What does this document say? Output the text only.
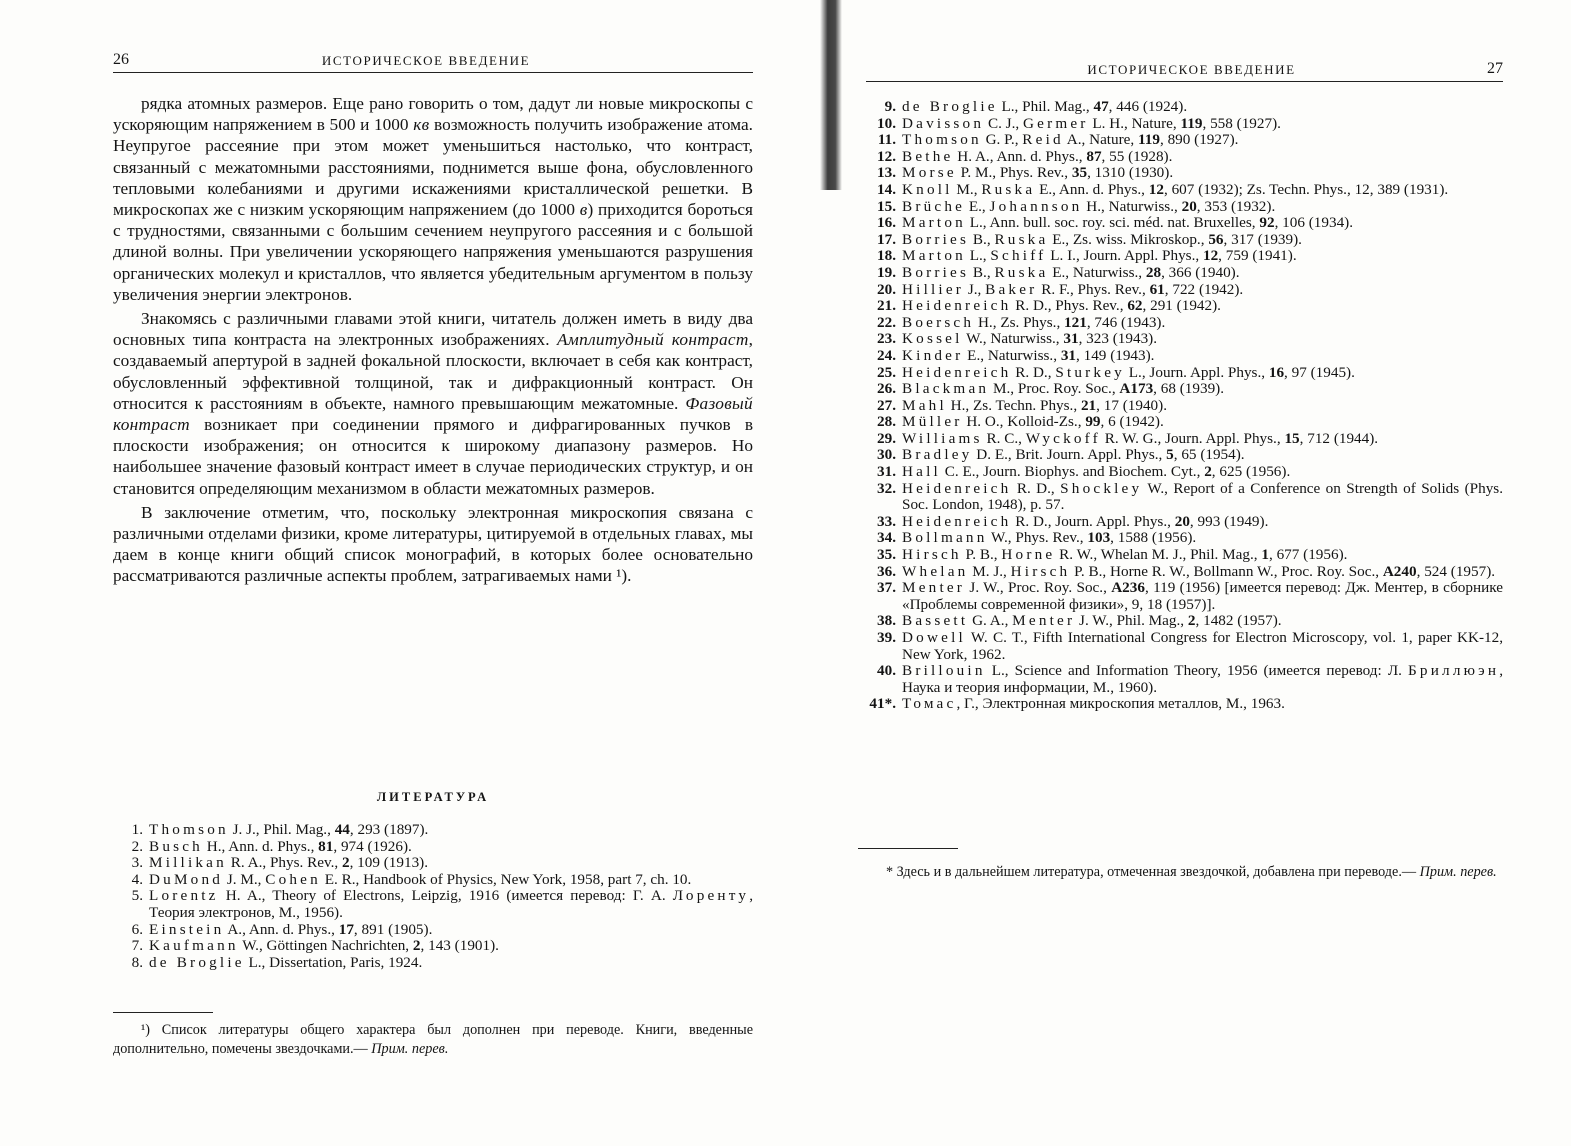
26	ИСТОРИЧЕСКОЕ ВВЕДЕНИЕ

рядка атомных размеров. Еще рано говорить о том, дадут ли новые микроскопы с ускоряющим напряжением в 500 и 1000 кв возможность получить изображение атома. Неупругое рассеяние при этом может уменьшиться настолько, что контраст, связанный с межатомными расстояниями, поднимется выше фона, обусловленного тепловыми колебаниями и другими искажениями кристаллической решетки. В микроскопах же с низким ускоряющим напряжением (до 1000 в) приходится бороться с трудностями, связанными с большим сечением неупругого рассеяния и с большой длиной волны. При увеличении ускоряющего напряжения уменьшаются разрушения органических молекул и кристаллов, что является убедительным аргументом в пользу увеличения энергии электронов.

Знакомясь с различными главами этой книги, читатель должен иметь в виду два основных типа контраста на электронных изображениях. Амплитудный контраст, создаваемый апертурой в задней фокальной плоскости, включает в себя как контраст, обусловленный эффективной толщиной, так и дифракционный контраст. Он относится к расстояниям в объекте, намного превышающим межатомные. Фазовый контраст возникает при соединении прямого и дифрагированных пучков в плоскости изображения; он относится к широкому диапазону размеров. Но наибольшее значение фазовый контраст имеет в случае периодических структур, и он становится определяющим механизмом в области межатомных размеров.

В заключение отметим, что, поскольку электронная микроскопия связана с различными отделами физики, кроме литературы, цитируемой в отдельных главах, мы даем в конце книги общий список монографий, в которых более основательно рассматриваются различные аспекты проблем, затрагиваемых нами ¹).

ЛИТЕРАТУРА
1. Thomson J. J., Phil. Mag., 44, 293 (1897).
2. Busch H., Ann. d. Phys., 81, 974 (1926).
3. Millikan R. A., Phys. Rev., 2, 109 (1913).
4. DuMond J. M., Cohen E. R., Handbook of Physics, New York, 1958, part 7, ch. 10.
5. Lorentz H. A., Theory of Electrons, Leipzig, 1916 (имеется перевод: Г. А. Лоренту, Теория электронов, М., 1956).
6. Einstein A., Ann. d. Phys., 17, 891 (1905).
7. Kaufmann W., Göttingen Nachrichten, 2, 143 (1901).
8. de Broglie L., Dissertation, Paris, 1924.

¹) Список литературы общего характера был дополнен при переводе. Книги, введенные дополнительно, помечены звездочками.— Прим. перев.

ИСТОРИЧЕСКОЕ ВВЕДЕНИЕ	27
9. de Broglie L., Phil. Mag., 47, 446 (1924).
10. Davisson C. J., Germer L. H., Nature, 119, 558 (1927).
11. Thomson G. P., Reid A., Nature, 119, 890 (1927).
12. Bethe H. A., Ann. d. Phys., 87, 55 (1928).
13. Morse P. M., Phys. Rev., 35, 1310 (1930).
14. Knoll M., Ruska E., Ann. d. Phys., 12, 607 (1932); Zs. Techn. Phys., 12, 389 (1931).
15. Brüche E., Johannson H., Naturwiss., 20, 353 (1932).
16. Marton L., Ann. bull. soc. roy. sci. méd. nat. Bruxelles, 92, 106 (1934).
17. Borries B., Ruska E., Zs. wiss. Mikroskop., 56, 317 (1939).
18. Marton L., Schiff L. I., Journ. Appl. Phys., 12, 759 (1941).
19. Borries B., Ruska E., Naturwiss., 28, 366 (1940).
20. Hillier J., Baker R. F., Phys. Rev., 61, 722 (1942).
21. Heidenreich R. D., Phys. Rev., 62, 291 (1942).
22. Boersch H., Zs. Phys., 121, 746 (1943).
23. Kossel W., Naturwiss., 31, 323 (1943).
24. Kinder E., Naturwiss., 31, 149 (1943).
25. Heidenreich R. D., Sturkey L., Journ. Appl. Phys., 16, 97 (1945).
26. Blackman M., Proc. Roy. Soc., A173, 68 (1939).
27. Mahl H., Zs. Techn. Phys., 21, 17 (1940).
28. Müller H. O., Kolloid-Zs., 99, 6 (1942).
29. Williams R. C., Wyckoff R. W. G., Journ. Appl. Phys., 15, 712 (1944).
30. Bradley D. E., Brit. Journ. Appl. Phys., 5, 65 (1954).
31. Hall C. E., Journ. Biophys. and Biochem. Cyt., 2, 625 (1956).
32. Heidenreich R. D., Shockley W., Report of a Conference on Strength of Solids (Phys. Soc. London, 1948), p. 57.
33. Heidenreich R. D., Journ. Appl. Phys., 20, 993 (1949).
34. Bollmann W., Phys. Rev., 103, 1588 (1956).
35. Hirsch P. B., Horne R. W., Whelan M. J., Phil. Mag., 1, 677 (1956).
36. Whelan M. J., Hirsch P. B., Horne R. W., Bollmann W., Proc. Roy. Soc., A240, 524 (1957).
37. Menter J. W., Proc. Roy. Soc., A236, 119 (1956) [имеется перевод: Дж. Ментер, в сборнике «Проблемы современной физики», 9, 18 (1957)].
38. Bassett G. A., Menter J. W., Phil. Mag., 2, 1482 (1957).
39. Dowell W. C. T., Fifth International Congress for Electron Microscopy, vol. 1, paper KK-12, New York, 1962.
40. Brillouin L., Science and Information Theory, 1956 (имеется перевод: Л. Бриллюэн, Наука и теория информации, М., 1960).
41*. Томас, Г., Электронная микроскопия металлов, М., 1963.

* Здесь и в дальнейшем литература, отмеченная звездочкой, добавлена при переводе.— Прим. перев.
